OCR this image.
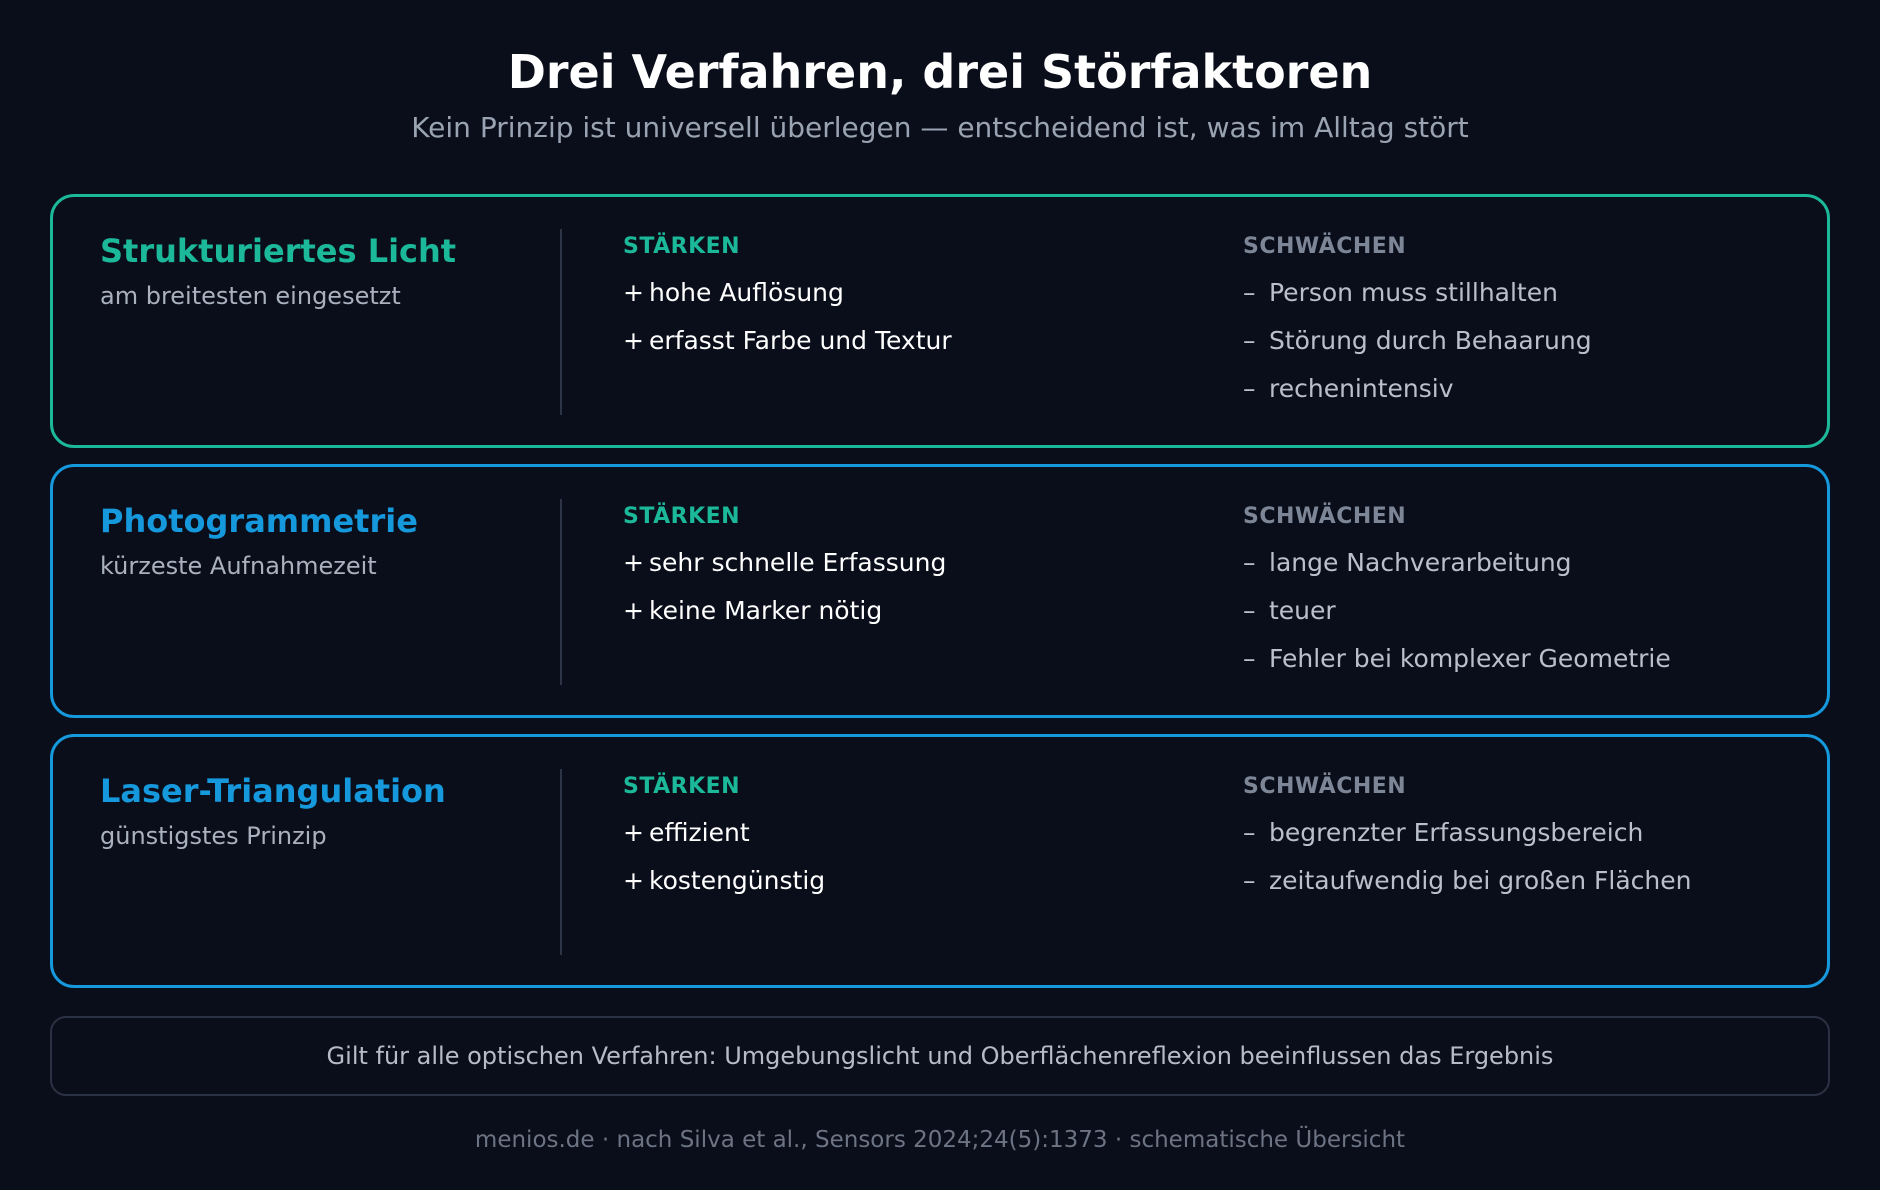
Drei Verfahren, drei Störfaktoren
Kein Prinzip ist universell überlegen — entscheidend ist, was im Alltag stört
Strukturiertes Licht
am breitesten eingesetzt
STÄRKEN
+ hohe Auflösung
+ erfasst Farbe und Textur
SCHWÄCHEN
– Person muss stillhalten
– Störung durch Behaarung
– rechenintensiv
Photogrammetrie
kürzeste Aufnahmezeit
STÄRKEN
+ sehr schnelle Erfassung
+ keine Marker nötig
SCHWÄCHEN
– lange Nachverarbeitung
– teuer
– Fehler bei komplexer Geometrie
Laser-Triangulation
günstigstes Prinzip
STÄRKEN
+ effizient
+ kostengünstig
SCHWÄCHEN
– begrenzter Erfassungsbereich
– zeitaufwendig bei großen Flächen
Gilt für alle optischen Verfahren: Umgebungslicht und Oberflächenreflexion beeinflussen das Ergebnis
menios.de · nach Silva et al., Sensors 2024;24(5):1373 · schematische Übersicht
